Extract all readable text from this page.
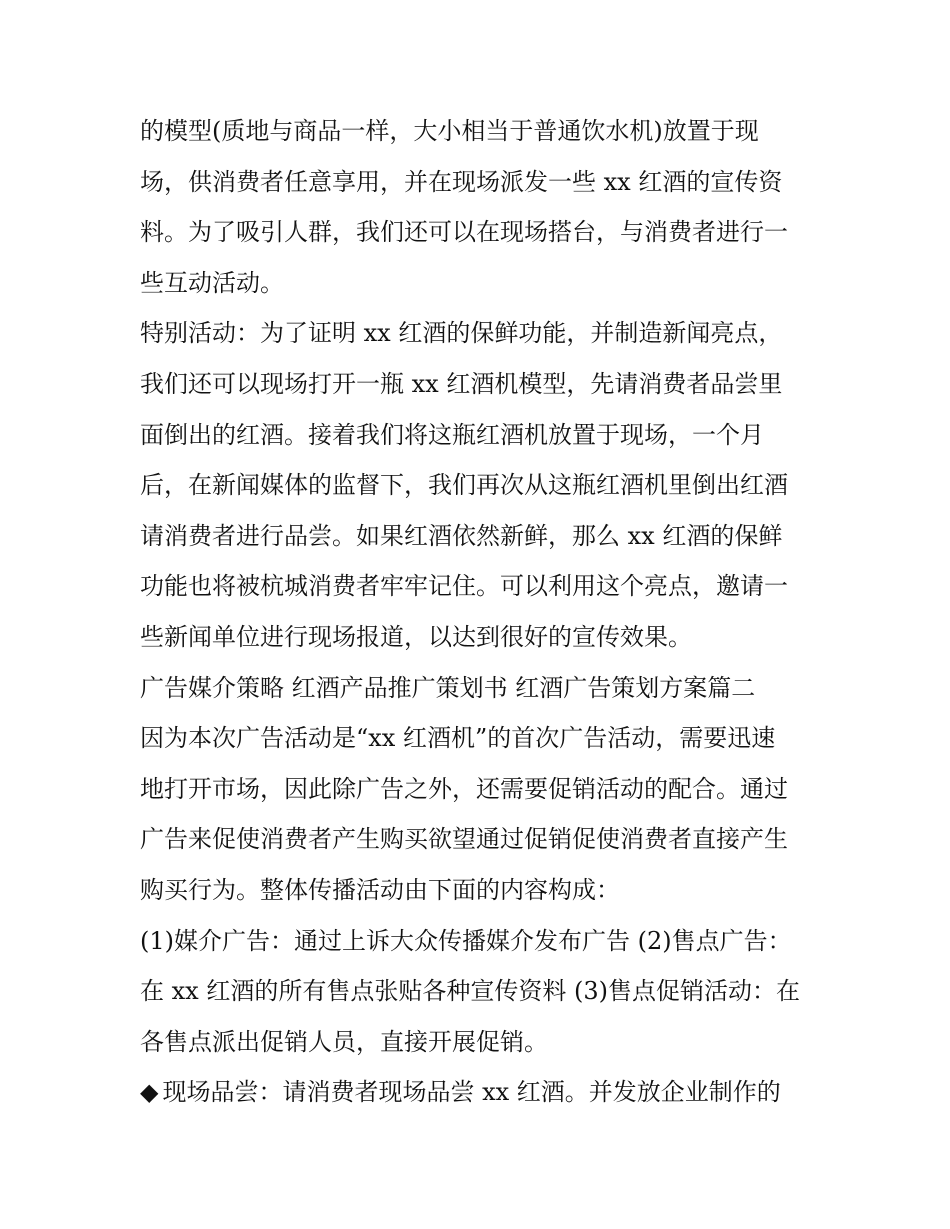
的模型(质地与商品一样，大小相当于普通饮水机)放置于现
场，供消费者任意享用，并在现场派发一些 xx 红酒的宣传资
料。为了吸引人群，我们还可以在现场搭台，与消费者进行一
些互动活动。
特别活动：为了证明 xx 红酒的保鲜功能，并制造新闻亮点，
我们还可以现场打开一瓶 xx 红酒机模型，先请消费者品尝里
面倒出的红酒。接着我们将这瓶红酒机放置于现场，一个月
后，在新闻媒体的监督下，我们再次从这瓶红酒机里倒出红酒
请消费者进行品尝。如果红酒依然新鲜，那么 xx 红酒的保鲜
功能也将被杭城消费者牢牢记住。可以利用这个亮点，邀请一
些新闻单位进行现场报道，以达到很好的宣传效果。
广告媒介策略 红酒产品推广策划书 红酒广告策划方案篇二
因为本次广告活动是“xx 红酒机”的首次广告活动，需要迅速
地打开市场，因此除广告之外，还需要促销活动的配合。通过
广告来促使消费者产生购买欲望通过促销促使消费者直接产生
购买行为。整体传播活动由下面的内容构成：
(1)媒介广告：通过上诉大众传播媒介发布广告 (2)售点广告：
在 xx 红酒的所有售点张贴各种宣传资料 (3)售点促销活动：在
各售点派出促销人员，直接开展促销。
◆ 现场品尝：请消费者现场品尝 xx 红酒。并发放企业制作的
